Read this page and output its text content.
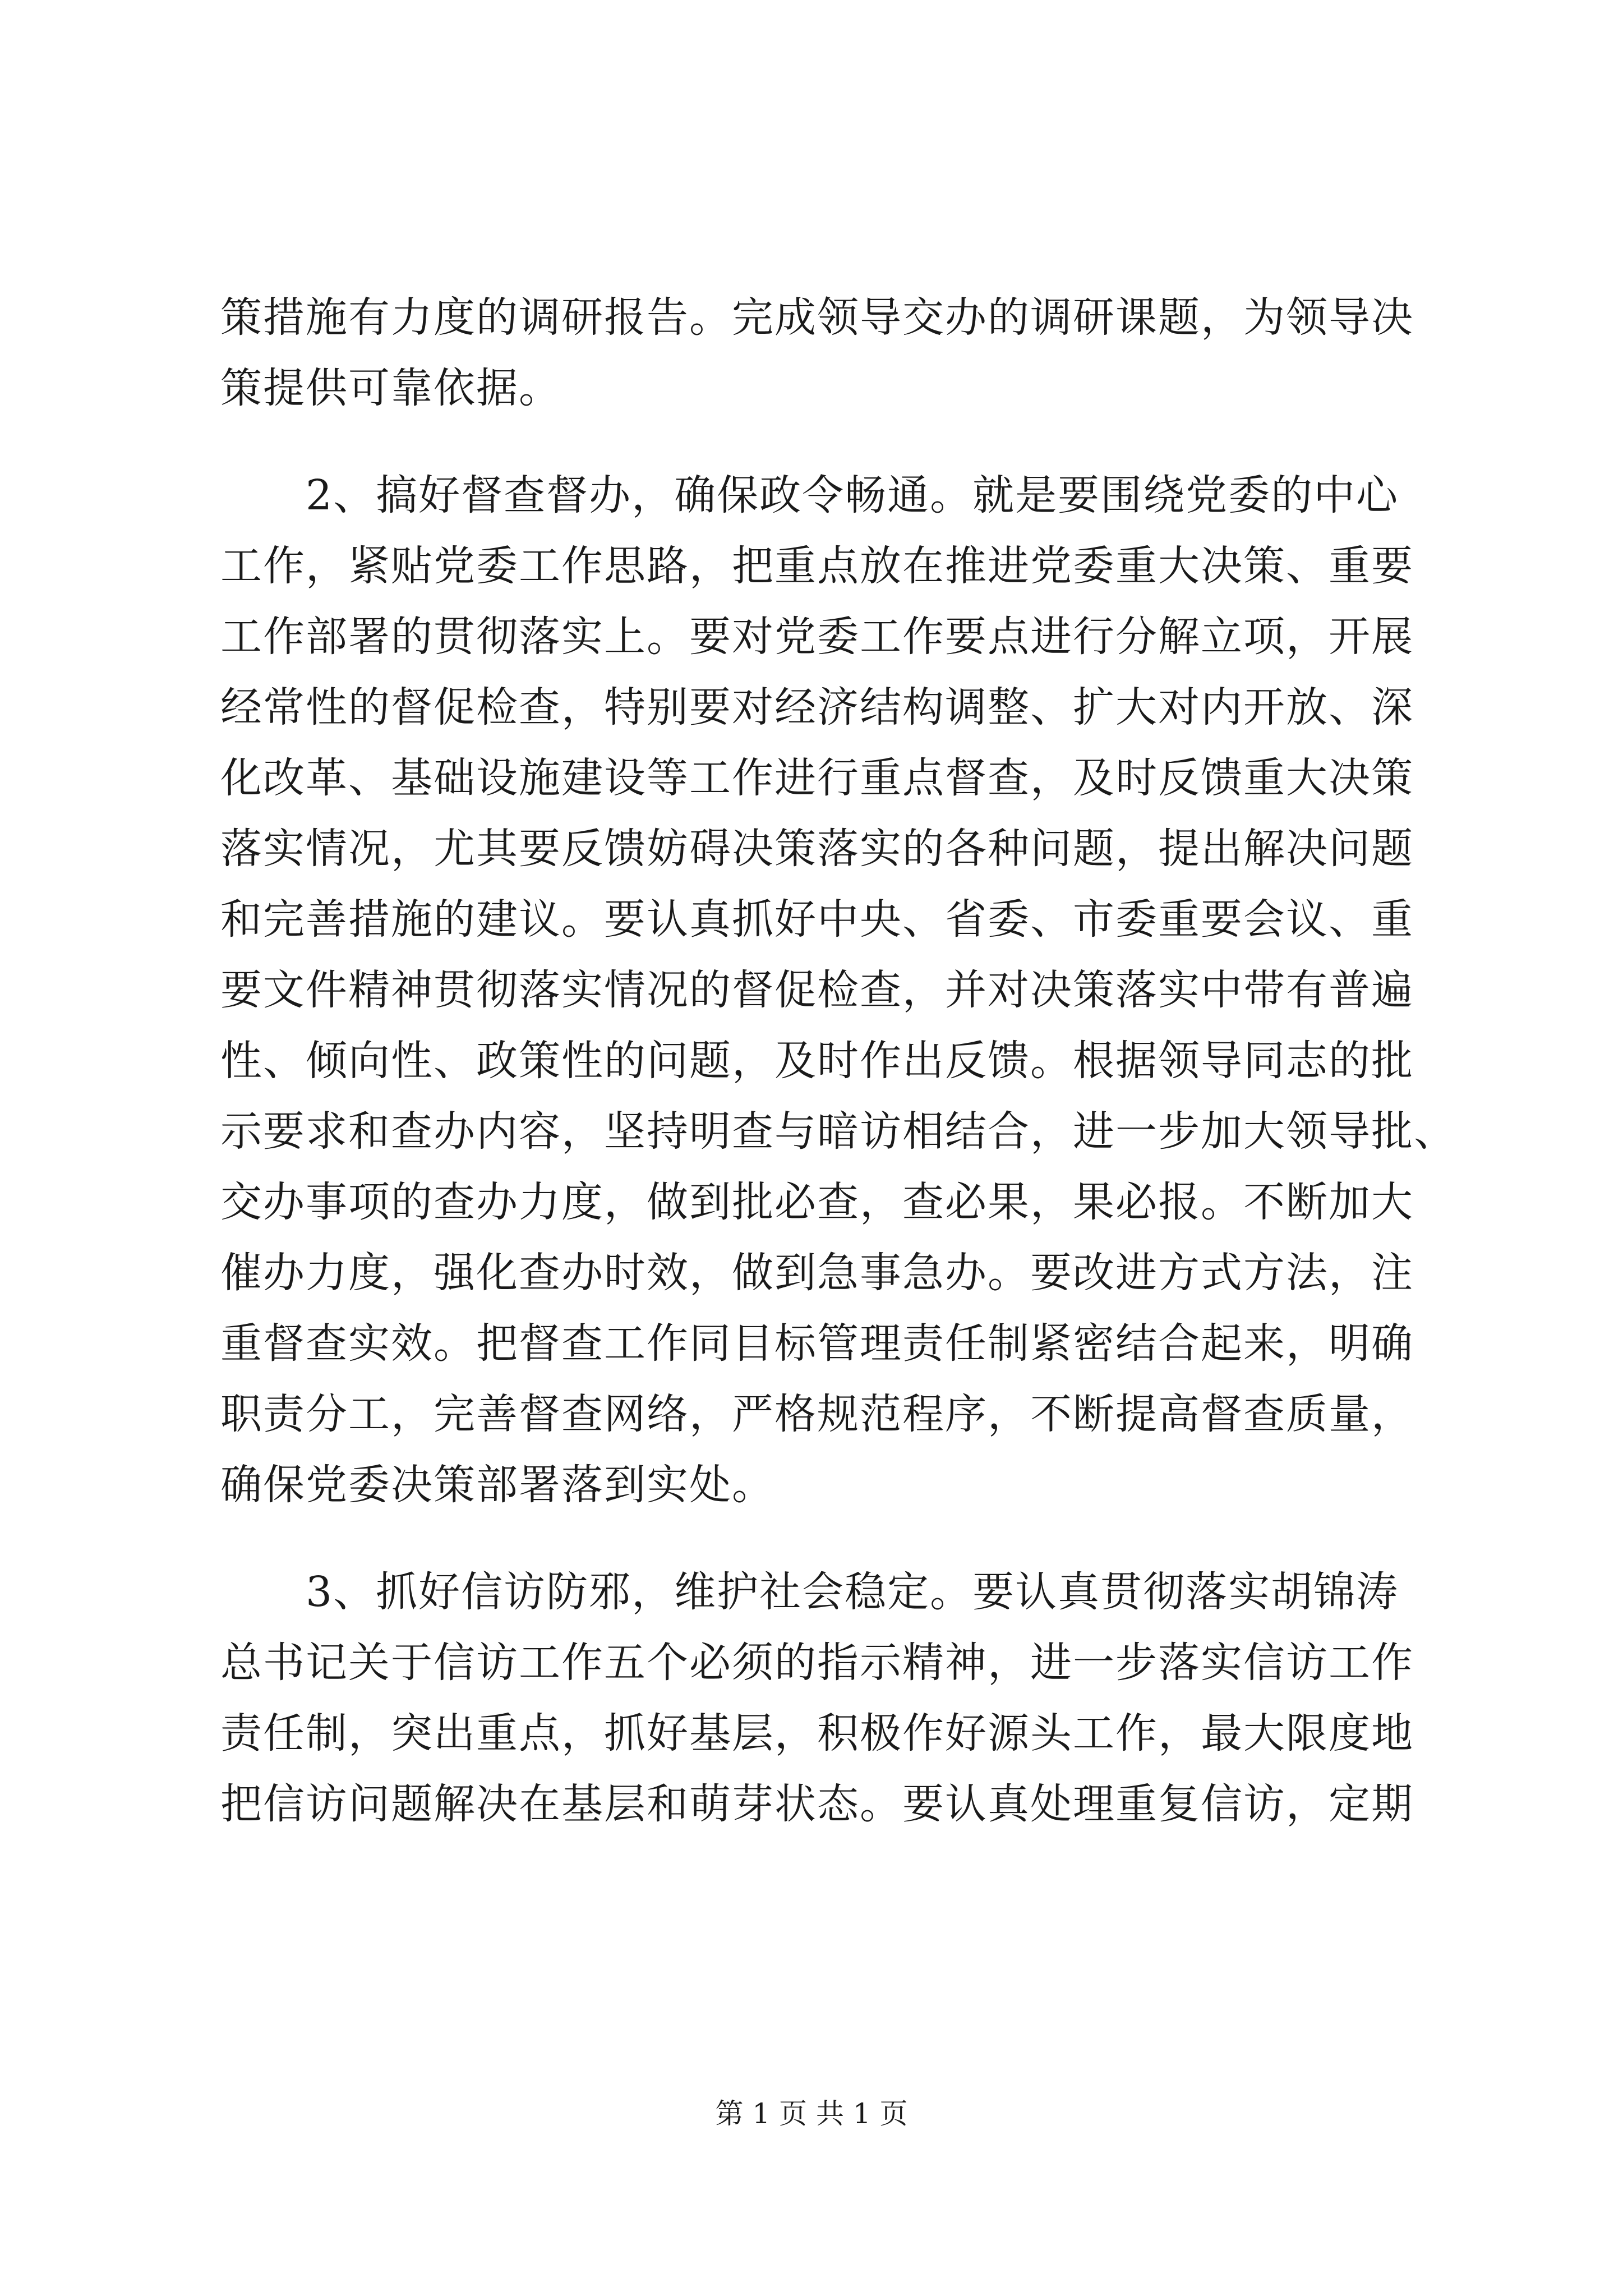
策措施有力度的调研报告。完成领导交办的调研课题，为领导决
策提供可靠依据。
　　2、搞好督查督办，确保政令畅通。就是要围绕党委的中心
工作，紧贴党委工作思路，把重点放在推进党委重大决策、重要
工作部署的贯彻落实上。要对党委工作要点进行分解立项，开展
经常性的督促检查，特别要对经济结构调整、扩大对内开放、深
化改革、基础设施建设等工作进行重点督查，及时反馈重大决策
落实情况，尤其要反馈妨碍决策落实的各种问题，提出解决问题
和完善措施的建议。要认真抓好中央、省委、市委重要会议、重
要文件精神贯彻落实情况的督促检查，并对决策落实中带有普遍
性、倾向性、政策性的问题，及时作出反馈。根据领导同志的批
示要求和查办内容，坚持明查与暗访相结合，进一步加大领导批、
交办事项的查办力度，做到批必查，查必果，果必报。不断加大
催办力度，强化查办时效，做到急事急办。要改进方式方法，注
重督查实效。把督查工作同目标管理责任制紧密结合起来，明确
职责分工，完善督查网络，严格规范程序，不断提高督查质量，
确保党委决策部署落到实处。
　　3、抓好信访防邪，维护社会稳定。要认真贯彻落实胡锦涛
总书记关于信访工作五个必须的指示精神，进一步落实信访工作
责任制，突出重点，抓好基层，积极作好源头工作，最大限度地
把信访问题解决在基层和萌芽状态。要认真处理重复信访，定期
第 1 页 共 1 页
